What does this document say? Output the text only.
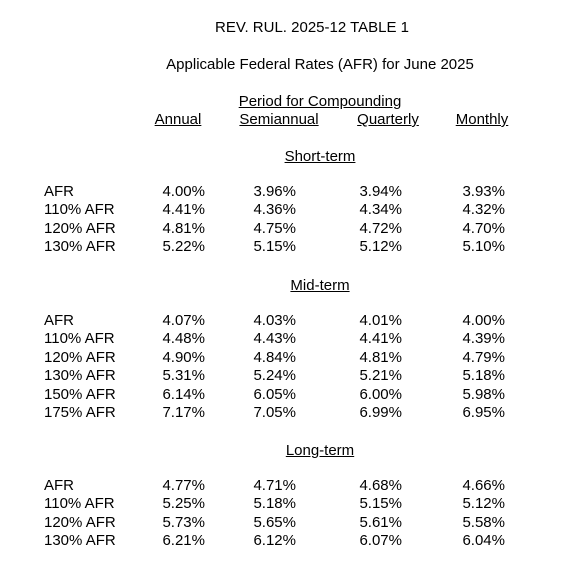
REV. RUL. 2025-12 TABLE 1
Applicable Federal Rates (AFR) for June 2025
Period for Compounding
Annual	Semiannual	Quarterly Monthly
Short-term
AFR	4.00%	3.96%	3.94%	3.93%
110% AFR	4.41%	4.36%	4.34%	4.32%
120% AFR	4.81%	4.75%	4.72%	4.70%
130% AFR	5.22%	5.15%	5.12%	5.10%
Mid-term
AFR	4.07%	4.03%	4.01%	4.00%
110% AFR	4.48%	4.43%	4.41%	4.39%
120% AFR	4.90%	4.84%	4.81%	4.79%
130% AFR	5.31%	5.24%	5.21%	5.18%
150% AFR	6.14%	6.05%	6.00%	5.98%
175% AFR	7.17%	7.05%	6.99%	6.95%
Long-term
AFR	4.77%	4.71%	4.68%	4.66%
110% AFR	5.25%	5.18%	5.15%	5.12%
120% AFR	5.73%	5.65%	5.61%	5.58%
130% AFR	6.21%	6.12%	6.07%	6.04%
